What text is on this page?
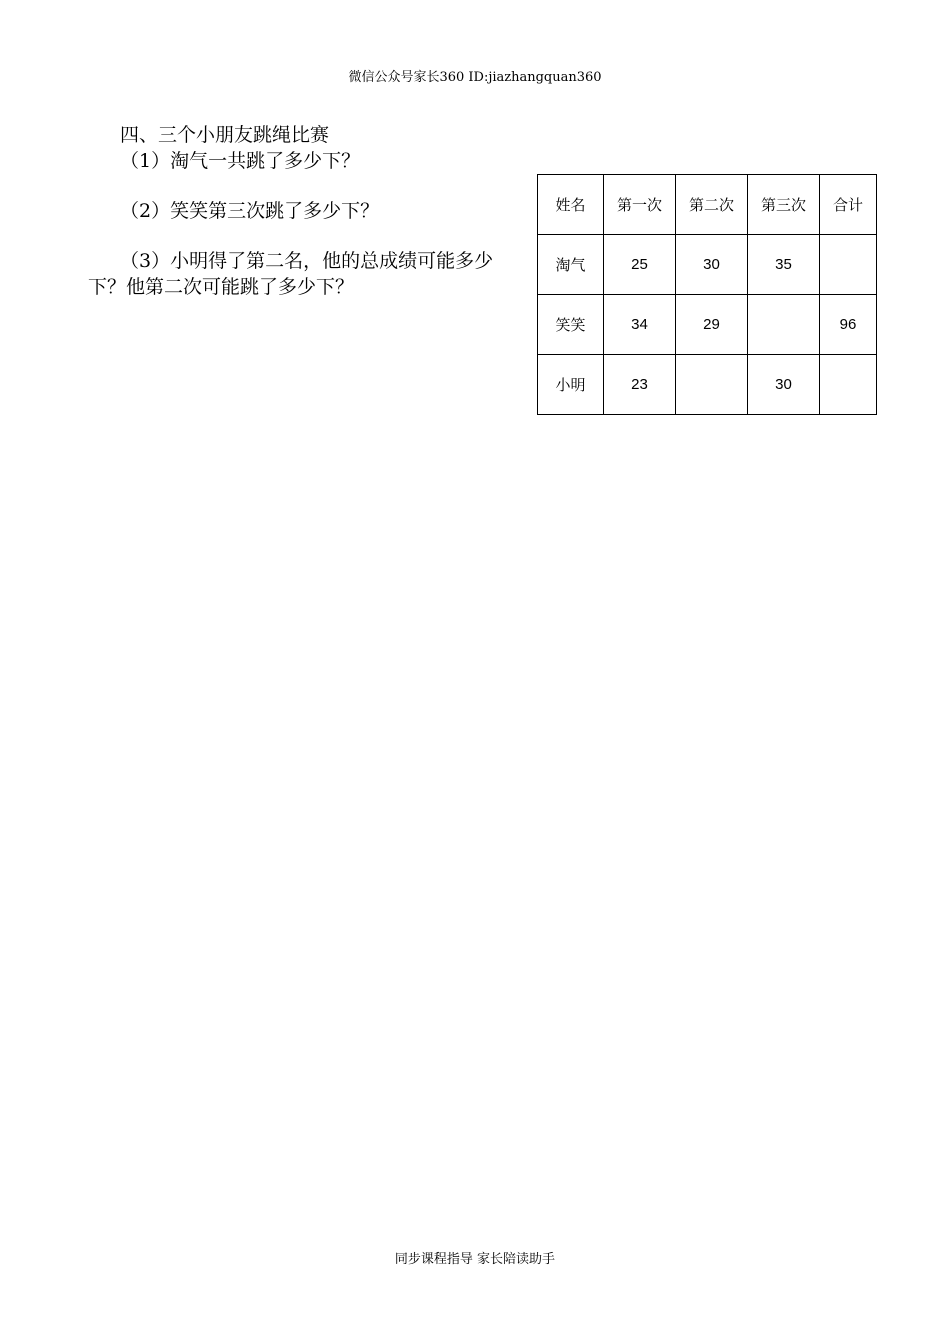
微信公众号家长360 ID:jiazhangquan360
四、三个小朋友跳绳比赛

（1）淘气一共跳了多少下？

（2）笑笑第三次跳了多少下？

（3）小明得了第二名，他的总成绩可能多少下？他第二次可能跳了多少下？

姓名	第一次	第二次	第三次	合计
淘气	25	30	35	
笑笑	34	29		96
小明	23		30	
同步课程指导 家长陪读助手
